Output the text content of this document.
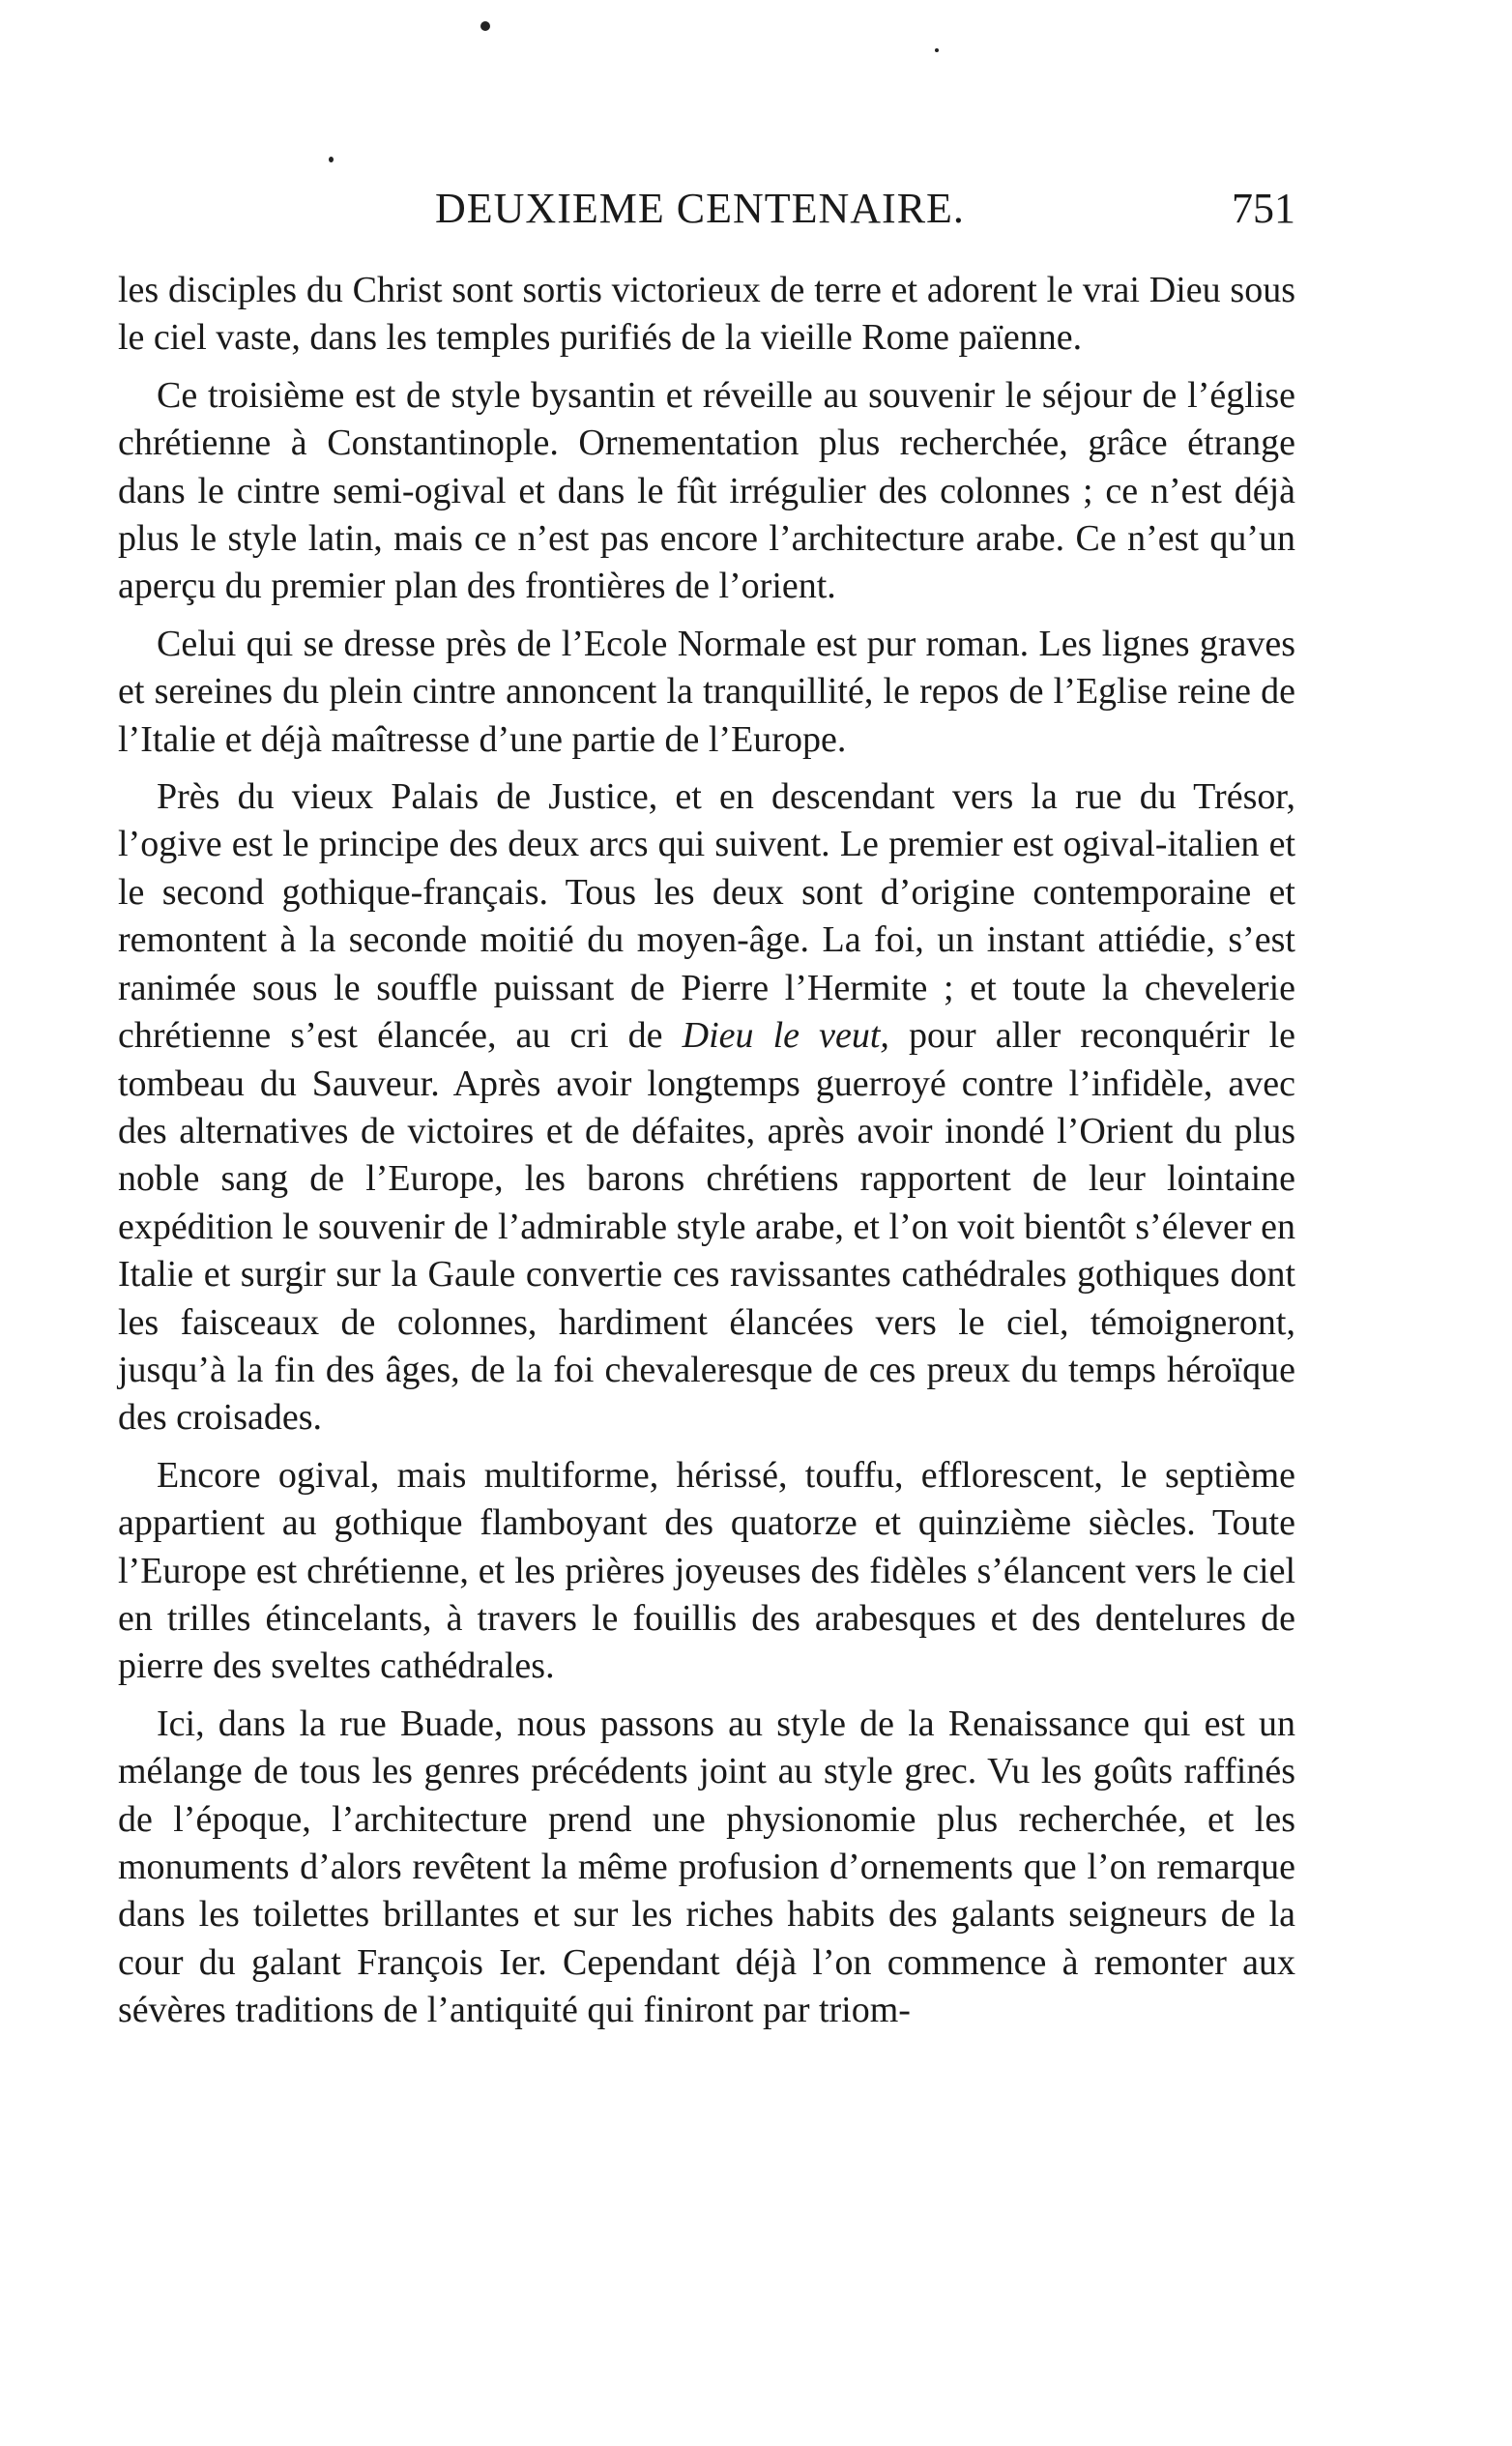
DEUXIEME CENTENAIRE.	751

les disciples du Christ sont sortis victorieux de terre et adorent le vrai Dieu sous le ciel vaste, dans les temples purifiés de la vieille Rome païenne.

Ce troisième est de style bysantin et réveille au souvenir le séjour de l’église chrétienne à Constantinople. Ornementation plus recherchée, grâce étrange dans le cintre semi-ogival et dans le fût irrégulier des colonnes ; ce n’est déjà plus le style latin, mais ce n’est pas encore l’architecture arabe. Ce n’est qu’un aperçu du premier plan des frontières de l’orient.

Celui qui se dresse près de l’Ecole Normale est pur roman. Les lignes graves et sereines du plein cintre annoncent la tranquillité, le repos de l’Eglise reine de l’Italie et déjà maîtresse d’une partie de l’Europe.

Près du vieux Palais de Justice, et en descendant vers la rue du Trésor, l’ogive est le principe des deux arcs qui suivent. Le premier est ogival-italien et le second gothique-français. Tous les deux sont d’origine contemporaine et remontent à la seconde moitié du moyen-âge. La foi, un instant attiédie, s’est ranimée sous le souffle puissant de Pierre l’Hermite ; et toute la chevelerie chrétienne s’est élancée, au cri de Dieu le veut, pour aller reconquérir le tombeau du Sauveur. Après avoir longtemps guerroyé contre l’infidèle, avec des alternatives de victoires et de défaites, après avoir inondé l’Orient du plus noble sang de l’Europe, les barons chrétiens rapportent de leur lointaine expédition le souvenir de l’admirable style arabe, et l’on voit bientôt s’élever en Italie et surgir sur la Gaule convertie ces ravissantes cathédrales gothiques dont les faisceaux de colonnes, hardiment élancées vers le ciel, témoigneront, jusqu’à la fin des âges, de la foi chevaleresque de ces preux du temps héroïque des croisades.

Encore ogival, mais multiforme, hérissé, touffu, efflorescent, le septième appartient au gothique flamboyant des quatorze et quinzième siècles. Toute l’Europe est chrétienne, et les prières joyeuses des fidèles s’élancent vers le ciel en trilles étincelants, à travers le fouillis des arabesques et des dentelures de pierre des sveltes cathédrales.

Ici, dans la rue Buade, nous passons au style de la Renaissance qui est un mélange de tous les genres précédents joint au style grec. Vu les goûts raffinés de l’époque, l’architecture prend une physionomie plus recherchée, et les monuments d’alors revêtent la même profusion d’ornements que l’on remarque dans les toilettes brillantes et sur les riches habits des galants seigneurs de la cour du galant François Ier. Cependant déjà l’on commence à remonter aux sévères traditions de l’antiquité qui finiront par triom-
